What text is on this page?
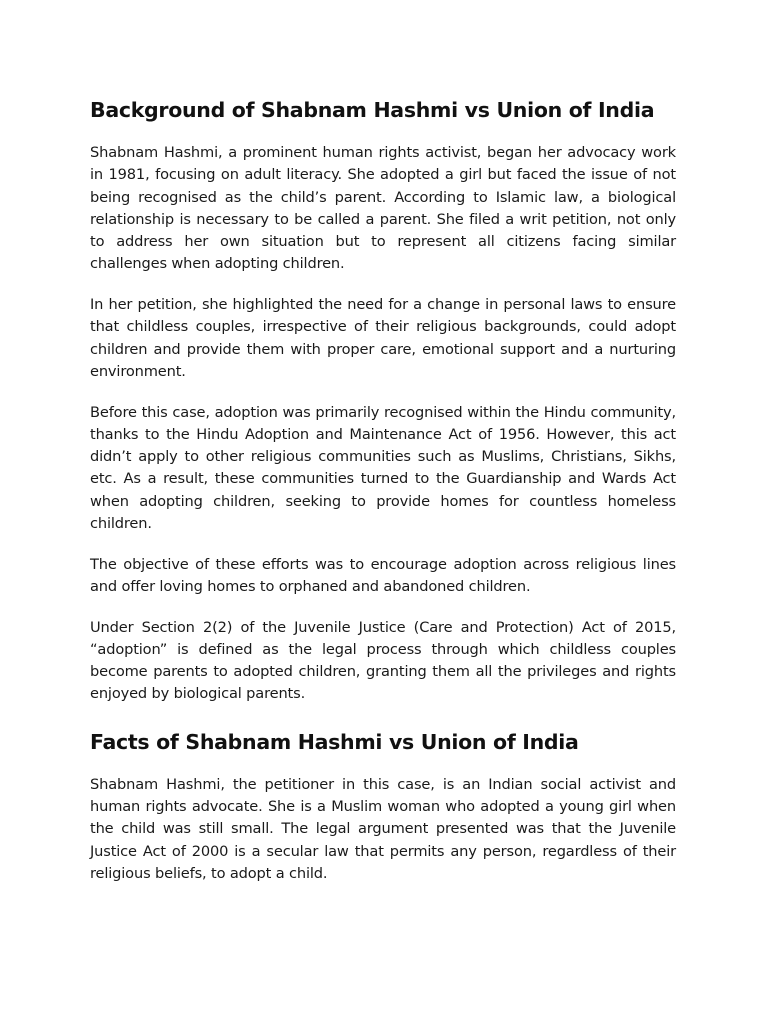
Background of Shabnam Hashmi vs Union of India

Shabnam Hashmi, a prominent human rights activist, began her advocacy work in 1981, focusing on adult literacy. She adopted a girl but faced the issue of not being recognised as the child’s parent. According to Islamic law, a biological relationship is necessary to be called a parent. She filed a writ petition, not only to address her own situation but to represent all citizens facing similar challenges when adopting children.

In her petition, she highlighted the need for a change in personal laws to ensure that childless couples, irrespective of their religious backgrounds, could adopt children and provide them with proper care, emotional support and a nurturing environment.

Before this case, adoption was primarily recognised within the Hindu community, thanks to the Hindu Adoption and Maintenance Act of 1956. However, this act didn’t apply to other religious communities such as Muslims, Christians, Sikhs, etc. As a result, these communities turned to the Guardianship and Wards Act when adopting children, seeking to provide homes for countless homeless children.

The objective of these efforts was to encourage adoption across religious lines and offer loving homes to orphaned and abandoned children.

Under Section 2(2) of the Juvenile Justice (Care and Protection) Act of 2015, “adoption” is defined as the legal process through which childless couples become parents to adopted children, granting them all the privileges and rights enjoyed by biological parents.

Facts of Shabnam Hashmi vs Union of India

Shabnam Hashmi, the petitioner in this case, is an Indian social activist and human rights advocate. She is a Muslim woman who adopted a young girl when the child was still small. The legal argument presented was that the Juvenile Justice Act of 2000 is a secular law that permits any person, regardless of their religious beliefs, to adopt a child.
